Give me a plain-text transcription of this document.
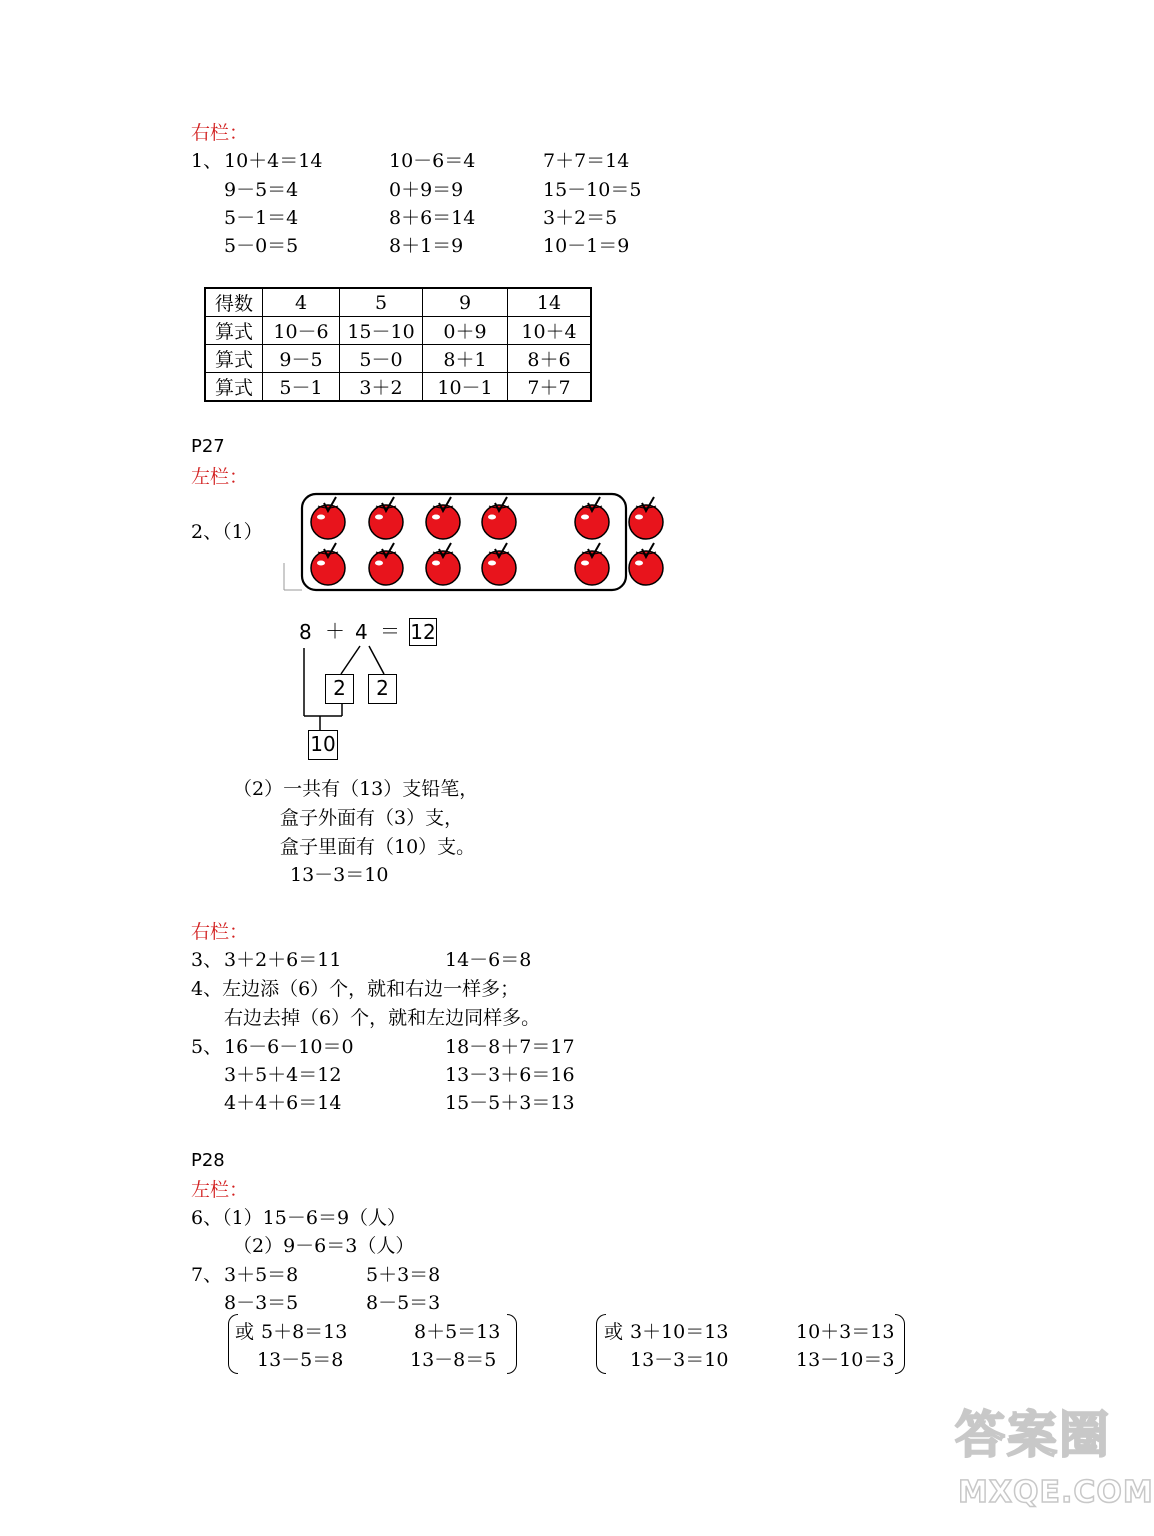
右栏：
1、 10＋4＝14	10－6＝4	7＋7＝14
9－5＝4	0＋9＝9	15－10＝5
5－1＝4	8＋6＝14	3＋2＝5
5－0＝5	8＋1＝9	10－1＝9
得数	4	5	9	14
算式	10－6	15－10	0＋9	10＋4
算式	9－5	5－0	8＋1	8＋6
算式	5－1	3＋2	10－1	7＋7
P27
左栏：
2、（1）
8 ＋ 4 ＝ 12
2	2
10
（2）一共有（13）支铅笔，
盒子外面有（3）支，
盒子里面有（10）支。
13－3＝10
右栏：
3、 3＋2＋6＝11	14－6＝8
4、左边添（6）个，就和右边一样多；
右边去掉（6）个，就和左边同样多。
5、 16－6－10＝0	18－8＋7＝17
3＋5＋4＝12	13－3＋6＝16
4＋4＋6＝14	15－5＋3＝13
P28
左栏：
6、（1）15－6＝9（人）
（2）9－6＝3（人）
7、 3＋5＝8	5＋3＝8
8－3＝5	8－5＝3
或 5＋8＝13	8＋5＝13
13－5＝8	13－8＝5
或 3＋10＝13	10＋3＝13
13－3＝10	13－10＝3
答案圈
MXQE.COM
